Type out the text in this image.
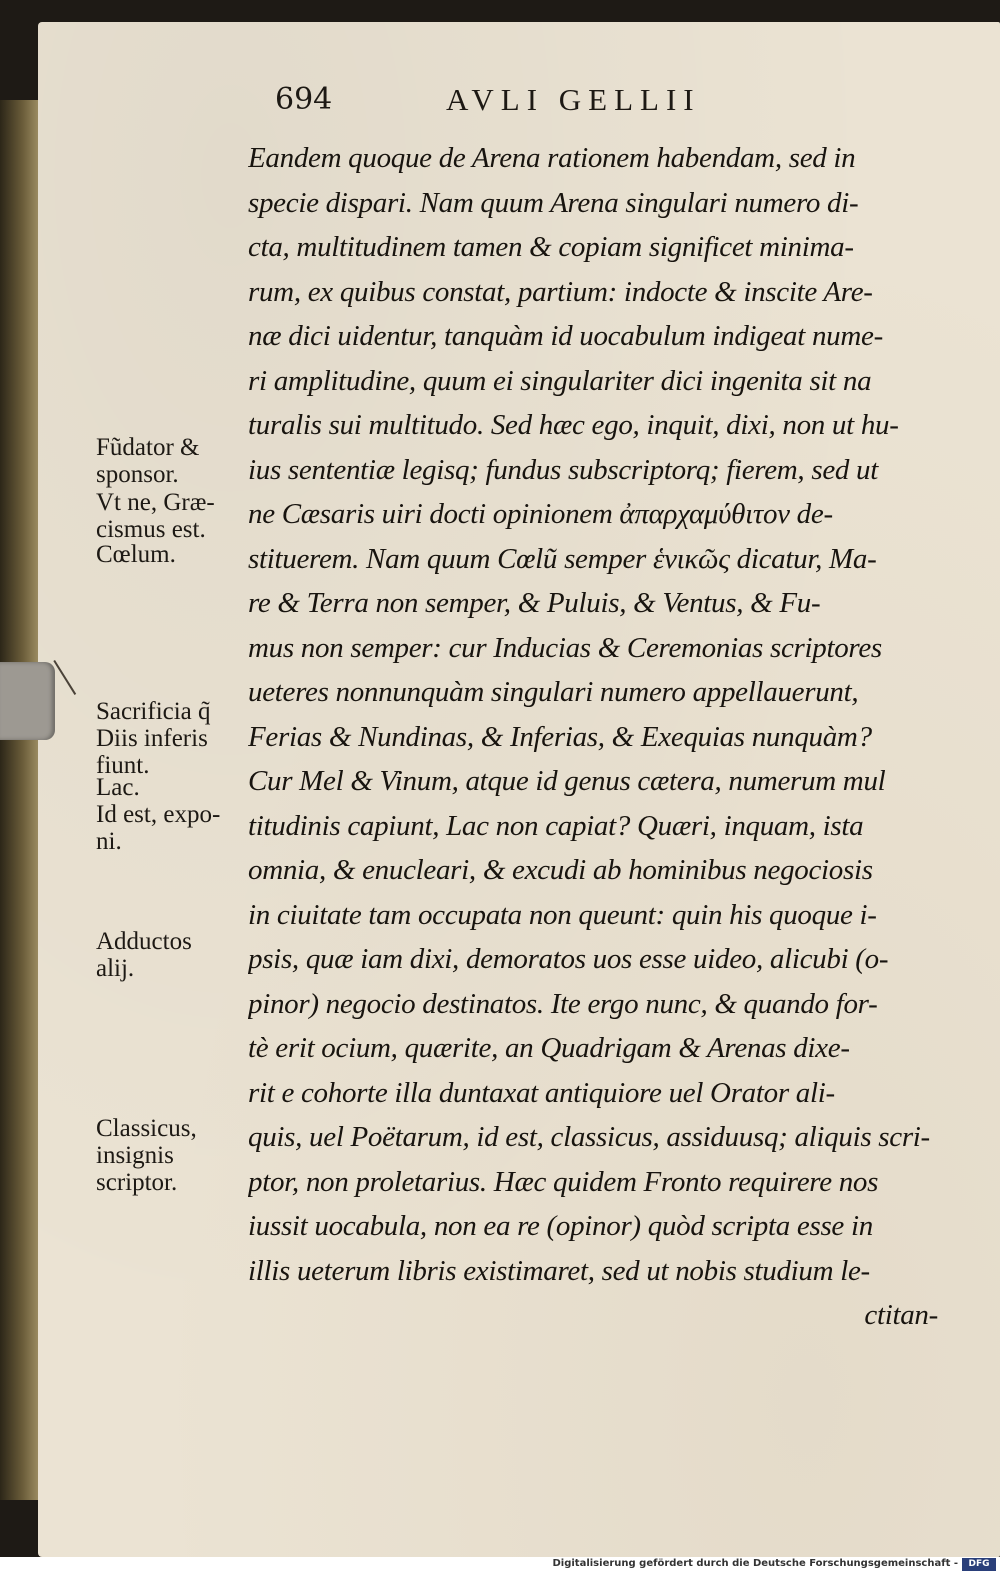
694	AVLI GELLII
Eandem quoque de Arena rationem habendam, sed in
specie dispari. Nam quum Arena singulari numero di-
cta, multitudinem tamen & copiam significet minima-
rum, ex quibus constat, partium: indocte & inscite Are-
næ dici uidentur, tanquàm id uocabulum indigeat nume-
ri amplitudine, quum ei singulariter dici ingenita sit na
turalis sui multitudo. Sed hæc ego, inquit, dixi, non ut hu-
ius sententiæ legisq; fundus subscriptorq; fierem, sed ut
ne Cæsaris uiri docti opinionem ἀπαρχαμύθιτον de-
stituerem. Nam quum Cœlũ semper ἑνικῶς dicatur, Ma-
re & Terra non semper, & Puluis, & Ventus, & Fu-
mus non semper: cur Inducias & Ceremonias scriptores
ueteres nonnunquàm singulari numero appellauerunt,
Ferias & Nundinas, & Inferias, & Exequias nunquàm?
Cur Mel & Vinum, atque id genus cætera, numerum mul
titudinis capiunt, Lac non capiat? Quæri, inquam, ista
omnia, & enucleari, & excudi ab hominibus negociosis
in ciuitate tam occupata non queunt: quin his quoque i-
psis, quæ iam dixi, demoratos uos esse uideo, alicubi (o-
pinor) negocio destinatos. Ite ergo nunc, & quando for-
tè erit ocium, quærite, an Quadrigam & Arenas dixe-
rit e cohorte illa duntaxat antiquiore uel Orator ali-
quis, uel Poëtarum, id est, classicus, assiduusq; aliquis scri-
ptor, non proletarius. Hæc quidem Fronto requirere nos
iussit uocabula, non ea re (opinor) quòd scripta esse in
illis ueterum libris existimaret, sed ut nobis studium le-
ctitan-
Fũdator &
sponsor.
Vt ne, Græ-
cismus est.
Cœlum.
Sacrificia q̃
Diis inferis
fiunt.
Lac.
Id est, expo-
ni.
Adductos
alij.
Classicus,
insignis
scriptor.
Digitalisierung gefördert durch die Deutsche Forschungsgemeinschaft -	DFG
